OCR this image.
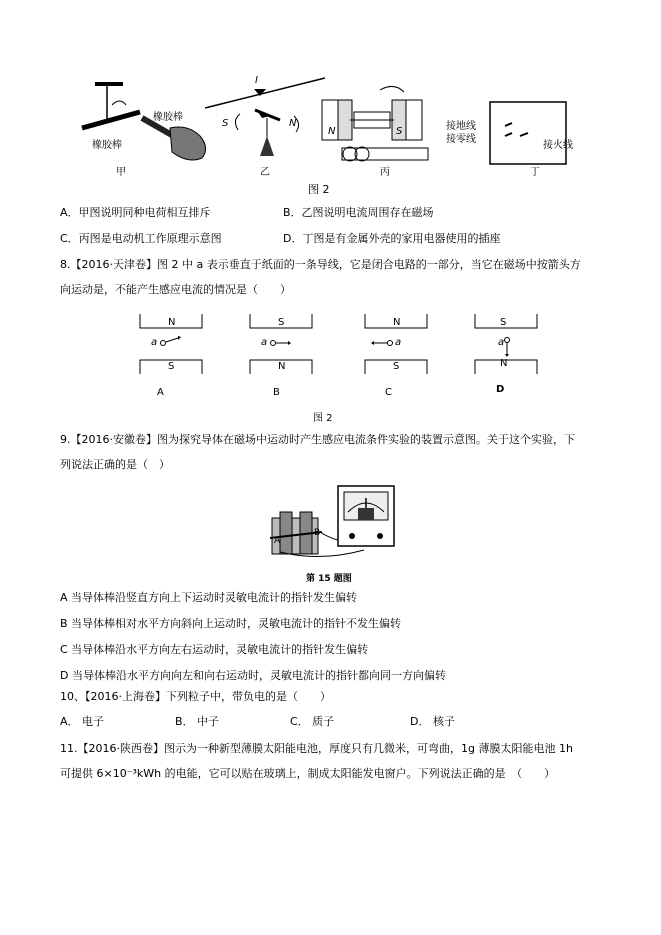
橡胶棒
橡胶棒
甲
I
S	N
乙
N	S
丙
接地线
接零线
接火线
丁
图 2
A．甲图说明同种电荷相互排斥	B．乙图说明电流周围存在磁场
C．丙图是电动机工作原理示意图	D．丁图是有金属外壳的家用电器使用的插座
8.【2016·天津卷】图 2 中 a 表示垂直于纸面的一条导线，它是闭合电路的一部分，当它在磁场中按箭头方
向运动是，不能产生感应电流的情况是（　　）
N
a
S
A
S
a
N
B
N
a
S
C
S
a
N
D
图 2
9.【2016·安徽卷】图为探究导体在磁场中运动时产生感应电流条件实验的装置示意图。关于这个实验，下
列说法正确的是（　）
A
B
第 15 题图
A 当导体棒沿竖直方向上下运动时灵敏电流计的指针发生偏转
B 当导体棒相对水平方向斜向上运动时，灵敏电流计的指针不发生偏转
C 当导体棒沿水平方向左右运动时，灵敏电流计的指针发生偏转
D 当导体棒沿水平方向向左和向右运动时，灵敏电流计的指针都向同一方向偏转
10、【2016·上海卷】下列粒子中，带负电的是（　　）
A． 电子	B． 中子	C． 质子	D． 核子
11.【2016·陕西卷】图示为一种新型薄膜太阳能电池，厚度只有几微米，可弯曲，1g 薄膜太阳能电池 1h
可提供 6×10⁻³kWh 的电能，它可以贴在玻璃上，制成太阳能发电窗户。下列说法正确的是　（　　）
